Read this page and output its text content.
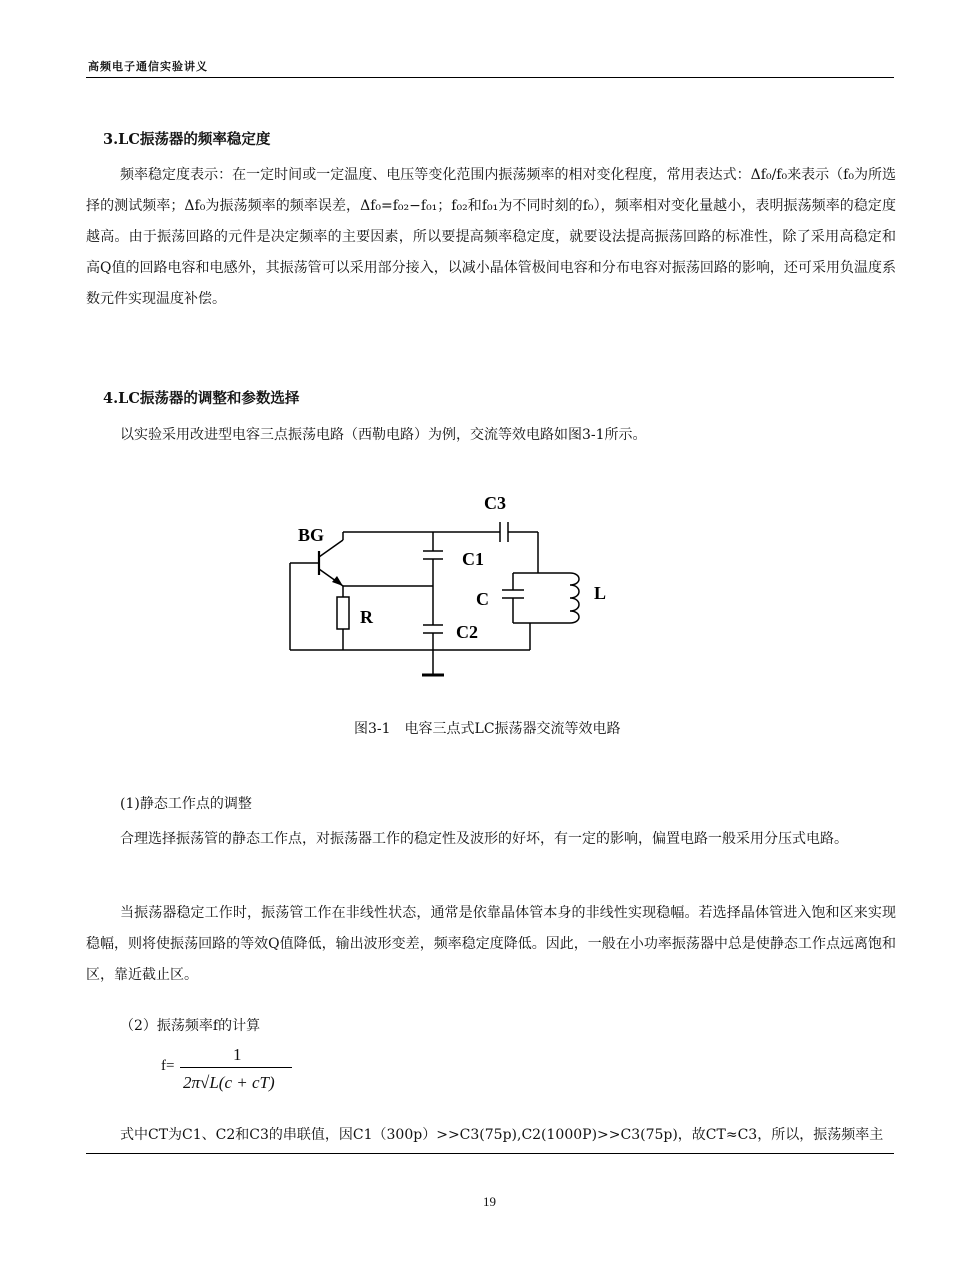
高频电子通信实验讲义
3.LC振荡器的频率稳定度
频率稳定度表示：在一定时间或一定温度、电压等变化范围内振荡频率的相对变化程度，常用表达式：Δf₀/f₀来表示（f₀为所选择的测试频率；Δf₀为振荡频率的频率误差，Δf₀=f₀₂−f₀₁；f₀₂和f₀₁为不同时刻的f₀），频率相对变化量越小，表明振荡频率的稳定度越高。由于振荡回路的元件是决定频率的主要因素，所以要提高频率稳定度，就要设法提高振荡回路的标准性，除了采用高稳定和高Q值的回路电容和电感外，其振荡管可以采用部分接入，以减小晶体管极间电容和分布电容对振荡回路的影响，还可采用负温度系数元件实现温度补偿。
4.LC振荡器的调整和参数选择
以实验采用改进型电容三点振荡电路（西勒电路）为例，交流等效电路如图3-1所示。
C3
BG
C1
C	L
R
C2
图3-1　电容三点式LC振荡器交流等效电路
(1)静态工作点的调整
合理选择振荡管的静态工作点，对振荡器工作的稳定性及波形的好坏，有一定的影响，偏置电路一般采用分压式电路。
当振荡器稳定工作时，振荡管工作在非线性状态，通常是依靠晶体管本身的非线性实现稳幅。若选择晶体管进入饱和区来实现稳幅，则将使振荡回路的等效Q值降低，输出波形变差，频率稳定度降低。因此，一般在小功率振荡器中总是使静态工作点远离饱和区，靠近截止区。
（2）振荡频率f的计算
f=
1
2π√L(c + cT)
式中CT为C1、C2和C3的串联值，因C1（300p）>>C3(75p),C2(1000P)>>C3(75p)，故CT≈C3，所以，振荡频率主
19
